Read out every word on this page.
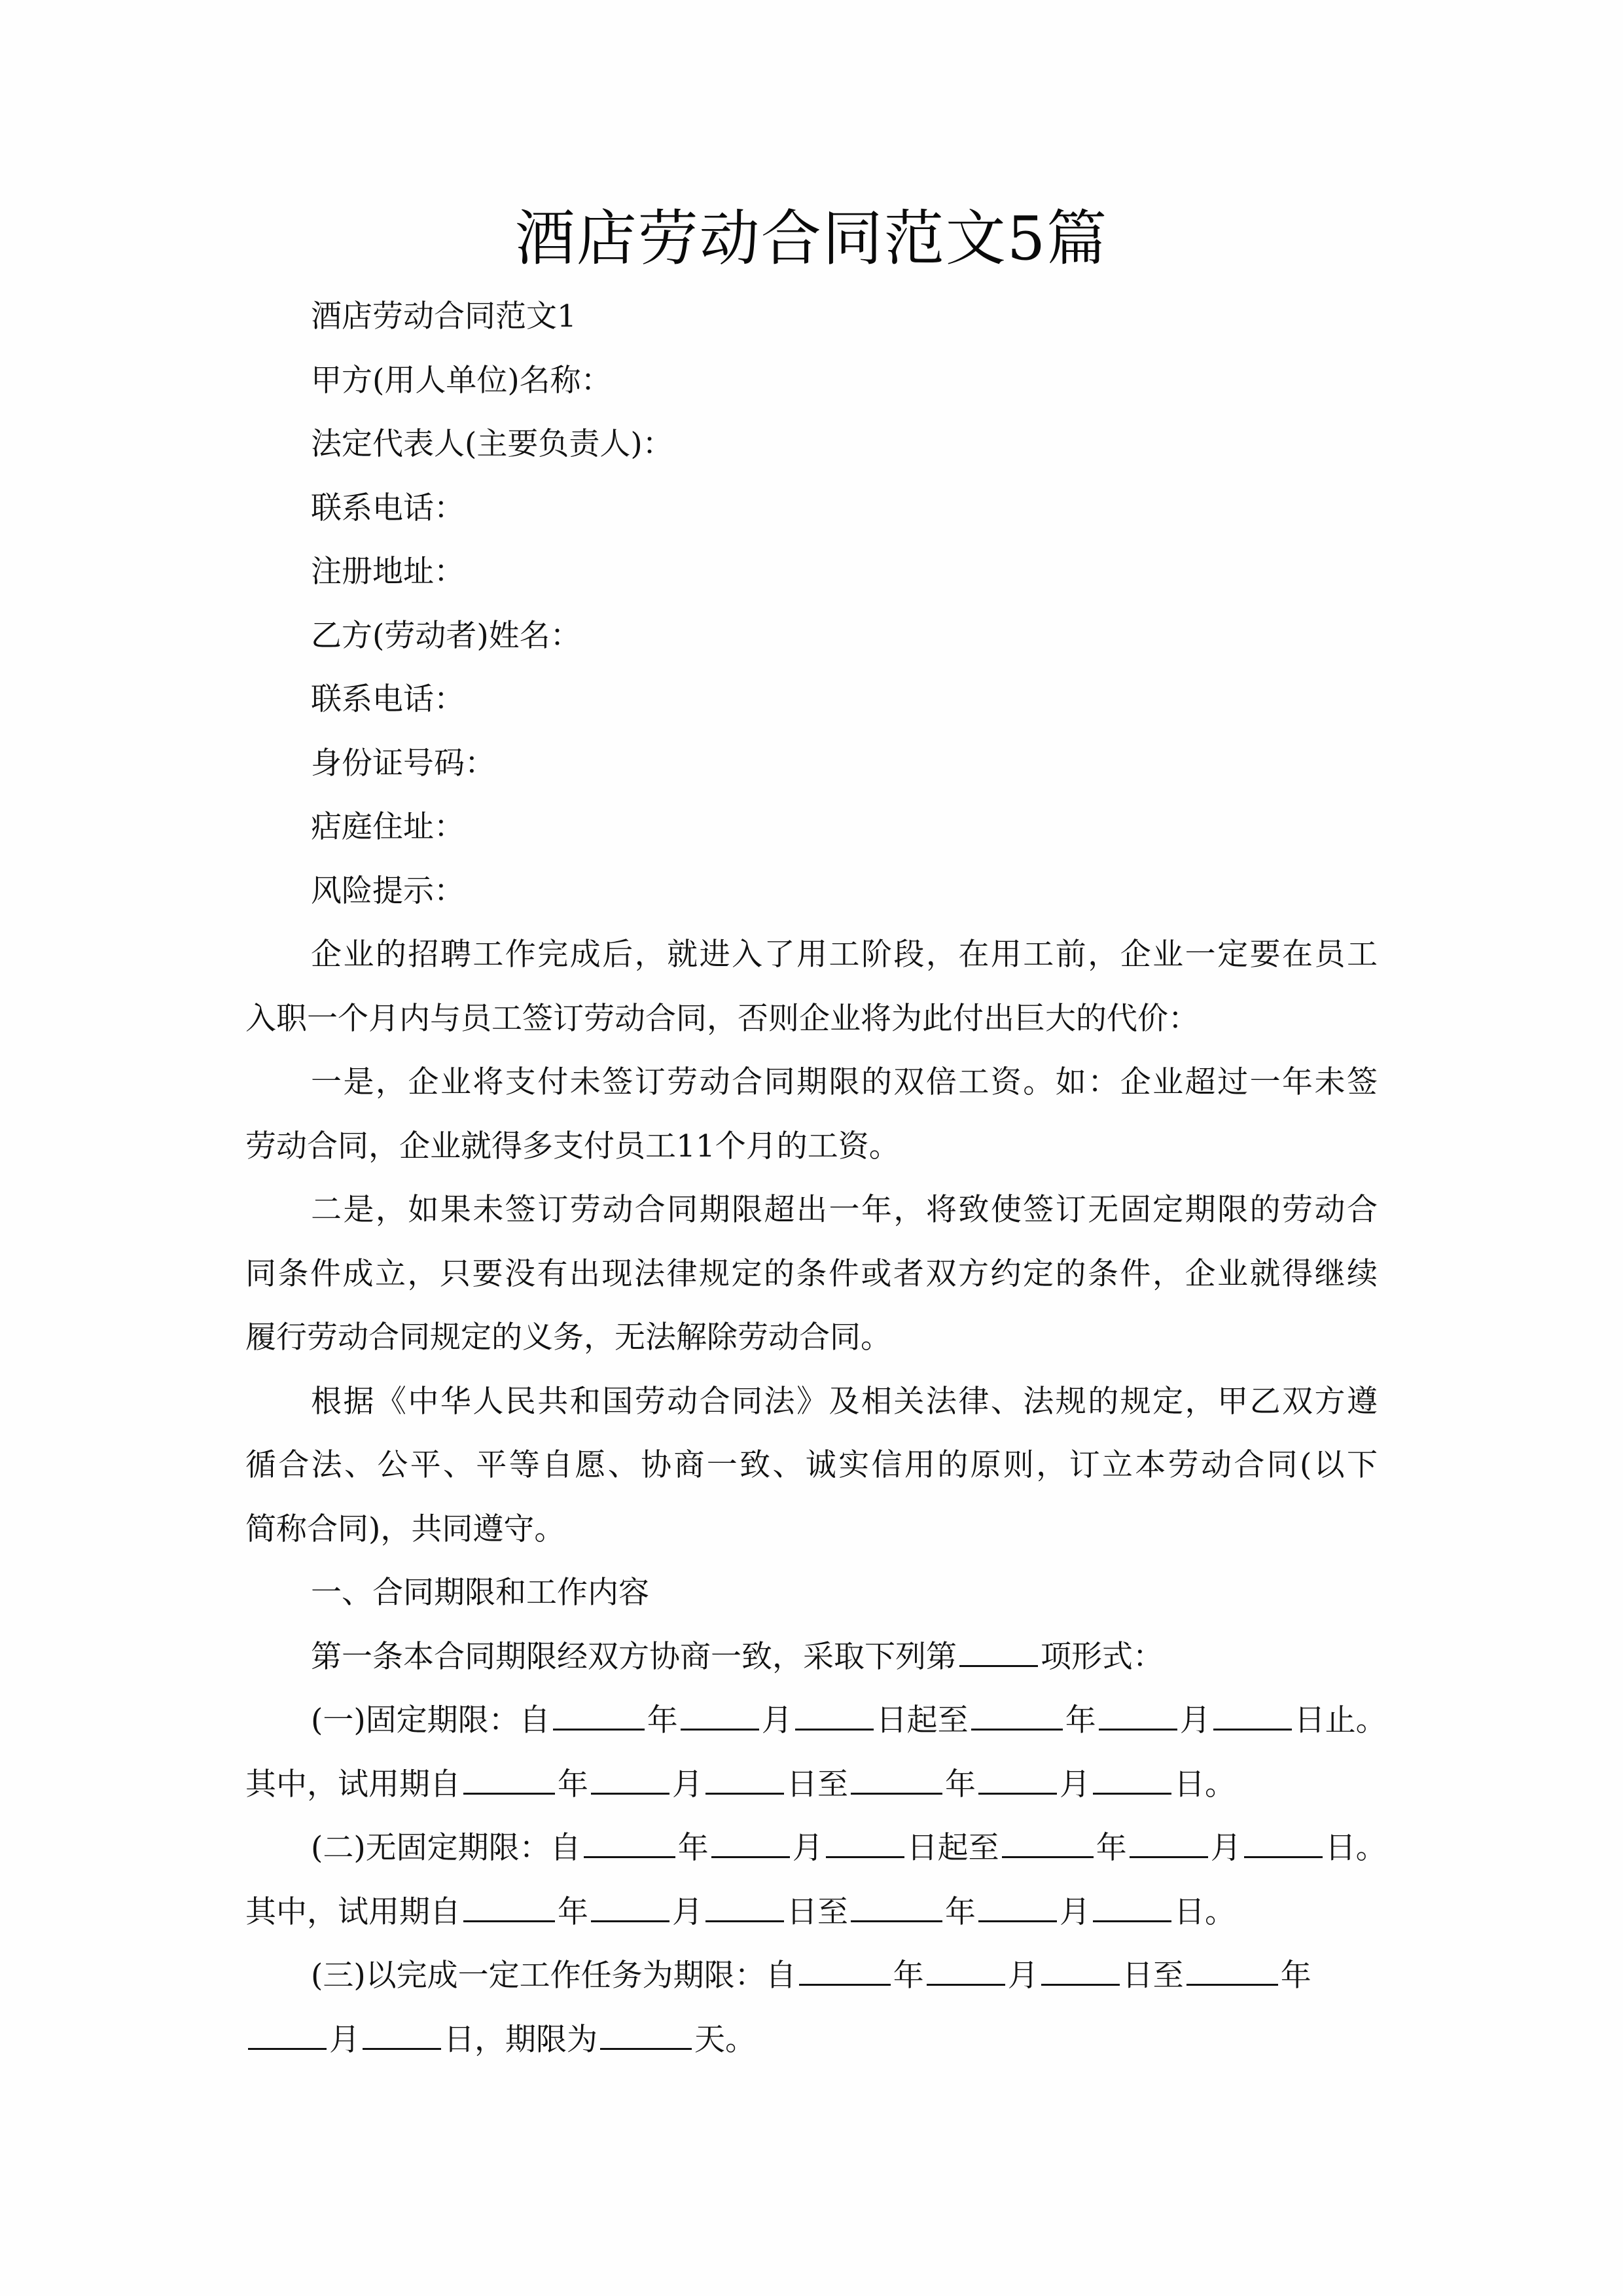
酒店劳动合同范文5篇
酒店劳动合同范文1
甲方(用人单位)名称：
法定代表人(主要负责人)：
联系电话：
注册地址：
乙方(劳动者)姓名：
联系电话：
身份证号码：
痁庭住址：
风险提示：
企业的招聘工作完成后，就进入了用工阶段，在用工前，企业一定要在员工
入职一个月内与员工签订劳动合同，否则企业将为此付出巨大的代价：
一是，企业将支付未签订劳动合同期限的双倍工资。如：企业超过一年未签
劳动合同，企业就得多支付员工11个月的工资。
二是，如果未签订劳动合同期限超出一年，将致使签订无固定期限的劳动合
同条件成立，只要没有出现法律规定的条件或者双方约定的条件，企业就得继续
履行劳动合同规定的义务，无法解除劳动合同。
根据《中华人民共和国劳动合同法》及相关法律、法规的规定，甲乙双方遵
循合法、公平、平等自愿、协商一致、诚实信用的原则，订立本劳动合同(以下
简称合同)，共同遵守。
一、合同期限和工作内容
第一条本合同期限经双方协商一致，采取下列第	项形式：
(一)固定期限：自	年	月	日起至	年	月	日止。
其中，试用期自	年	月	日至	年	月	日。
(二)无固定期限：自	年	月	日起至	年	月	日。
其中，试用期自	年	月	日至	年	月	日。
(三)以完成一定工作任务为期限：自	年	月	日至	年
月	日，期限为	天。
